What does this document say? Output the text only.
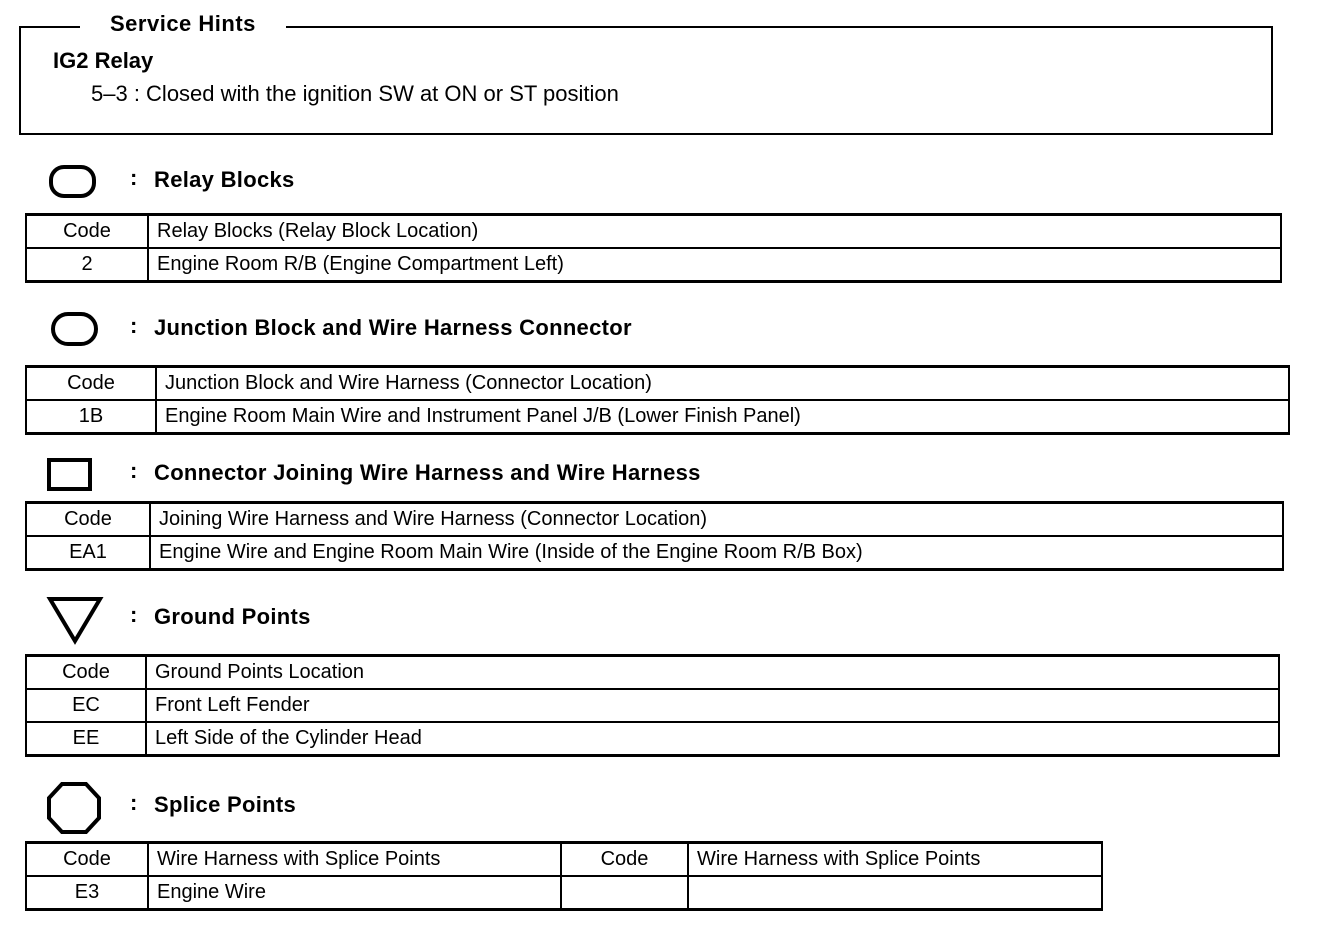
Service Hints
IG2 Relay
5–3 : Closed with the ignition SW at ON or ST position
: Relay Blocks
Code	Relay Blocks (Relay Block Location)
2	Engine Room R/B (Engine Compartment Left)
: Junction Block and Wire Harness Connector
Code	Junction Block and Wire Harness (Connector Location)
1B	Engine Room Main Wire and Instrument Panel J/B (Lower Finish Panel)
: Connector Joining Wire Harness and Wire Harness
Code	Joining Wire Harness and Wire Harness (Connector Location)
EA1	Engine Wire and Engine Room Main Wire (Inside of the Engine Room R/B Box)
: Ground Points
Code	Ground Points Location
EC	Front Left Fender
EE	Left Side of the Cylinder Head
: Splice Points
Code	Wire Harness with Splice Points	Code	Wire Harness with Splice Points
E3	Engine Wire		
